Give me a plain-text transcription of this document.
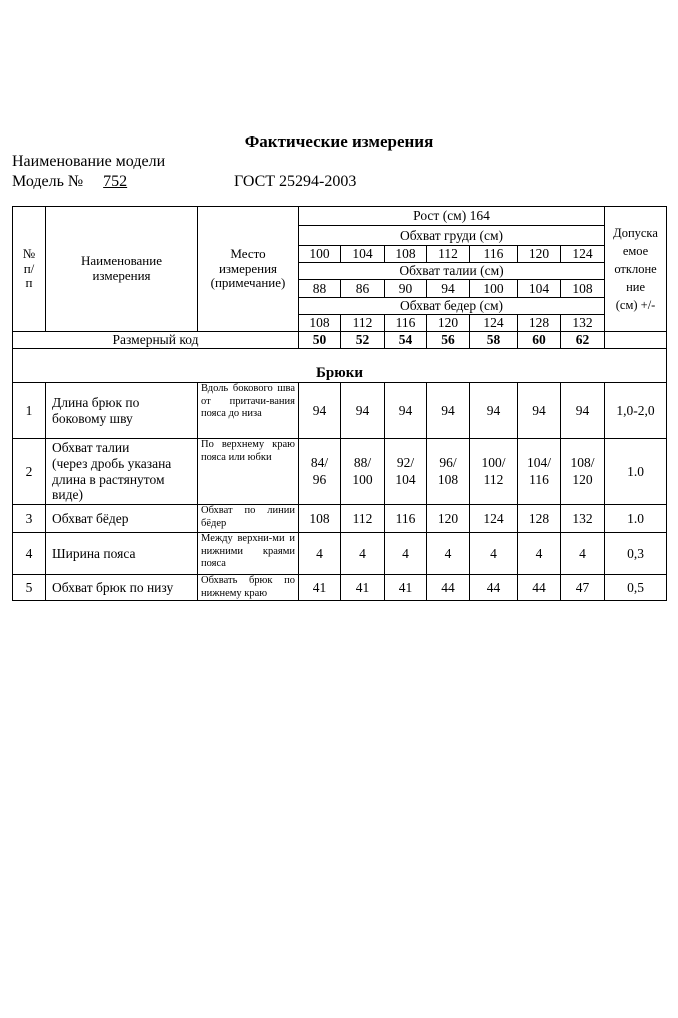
Фактические измерения
Наименование модели
Модель № 752	ГОСТ 25294-2003
№
п/
п	Наименование
измерения	Место
измерения
(примечание)	Рост (см) 164							Допуска
емое
отклоне
ние
(см) +/-
			Обхват груди (см)							
			100	104	108	112	116	120	124	
			Обхват талии (см)							
			88	86	90	94	100	104	108	
			Обхват бедер (см)							
			108	112	116	120	124	128	132	
Размерный код			50	52	54	56	58	60	62	
Брюки										
1	Длина брюк по
боковому шву	Вдоль бокового шва от притачи-вания пояса до низа	94	94	94	94	94	94	94	1,0-2,0
2	Обхват талии
(через дробь указана
длина в растянутом
виде)	По верхнему краю пояса или юбки	84/
96	88/
100	92/
104	96/
108	100/
112	104/
116	108/
120	1.0
3	Обхват бёдер	Обхват по линии бёдер	108	112	116	120	124	128	132	1.0
4	Ширина пояса	Между верхни-ми и нижними краями пояса	4	4	4	4	4	4	4	0,3
5	Обхват брюк по низу	Обхвать брюк по нижнему краю	41	41	41	44	44	44	47	0,5
